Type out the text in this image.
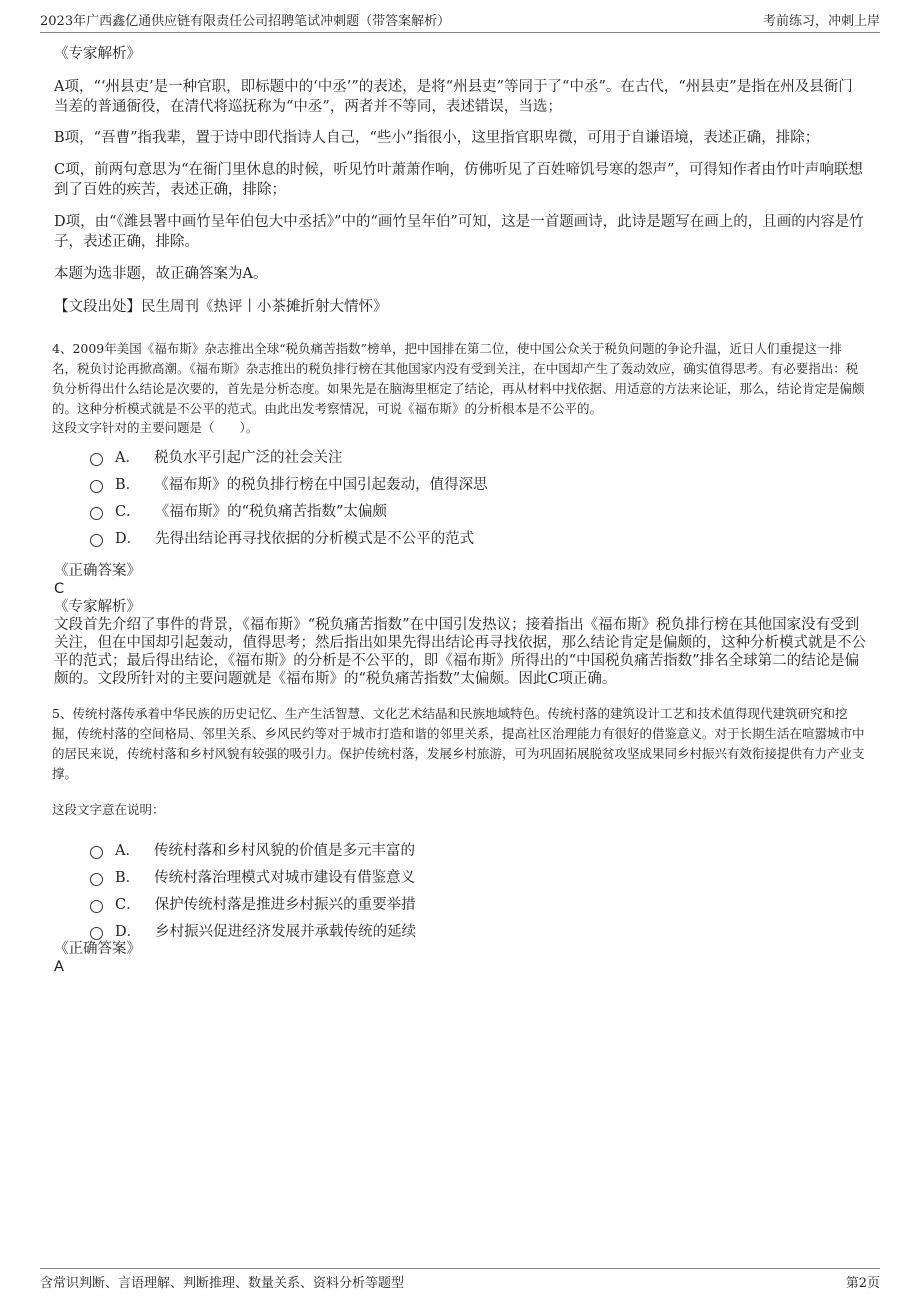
2023年广西鑫亿通供应链有限责任公司招聘笔试冲刺题（带答案解析）	考前练习，冲刺上岸

《专家解析》

A项，“‘州县吏’是一种官职，即标题中的‘中丞’”的表述，是将“州县吏”等同于了“中丞”。在古代，“州县吏”是指在州及县衙门当差的普通衙役，在清代将巡抚称为“中丞”，两者并不等同，表述错误，当选；

B项，“吾曹”指我辈，置于诗中即代指诗人自己，“些小”指很小，这里指官职卑微，可用于自谦语境，表述正确，排除；

C项，前两句意思为“在衙门里休息的时候，听见竹叶萧萧作响，仿佛听见了百姓啼饥号寒的怨声”，可得知作者由竹叶声响联想到了百姓的疾苦，表述正确，排除；

D项，由“《潍县署中画竹呈年伯包大中丞括》”中的“画竹呈年伯”可知，这是一首题画诗，此诗是题写在画上的，且画的内容是竹子，表述正确，排除。

本题为选非题，故正确答案为A。

【文段出处】民生周刊《热评丨小茶摊折射大情怀》

4、2009年美国《福布斯》杂志推出全球“税负痛苦指数”榜单，把中国排在第二位，使中国公众关于税负问题的争论升温，近日人们重提这一排名，税负讨论再掀高潮。《福布斯》杂志推出的税负排行榜在其他国家内没有受到关注，在中国却产生了轰动效应，确实值得思考。有必要指出：税负分析得出什么结论是次要的，首先是分析态度。如果先是在脑海里框定了结论，再从材料中找依据、用适意的方法来论证，那么，结论肯定是偏颇的。这种分析模式就是不公平的范式。由此出发考察情况，可说《福布斯》的分析根本是不公平的。

这段文字针对的主要问题是（　　）。

A． 税负水平引起广泛的社会关注
B． 《福布斯》的税负排行榜在中国引起轰动，值得深思
C． 《福布斯》的“税负痛苦指数”太偏颇
D． 先得出结论再寻找依据的分析模式是不公平的范式

《正确答案》

C

《专家解析》

文段首先介绍了事件的背景，《福布斯》“税负痛苦指数”在中国引发热议；接着指出《福布斯》税负排行榜在其他国家没有受到关注，但在中国却引起轰动，值得思考；然后指出如果先得出结论再寻找依据，那么结论肯定是偏颇的，这种分析模式就是不公平的范式；最后得出结论，《福布斯》的分析是不公平的，即《福布斯》所得出的“中国税负痛苦指数”排名全球第二的结论是偏颇的。文段所针对的主要问题就是《福布斯》的“税负痛苦指数”太偏颇。因此C项正确。

5、传统村落传承着中华民族的历史记忆、生产生活智慧、文化艺术结晶和民族地域特色。传统村落的建筑设计工艺和技术值得现代建筑研究和挖掘，传统村落的空间格局、邻里关系、乡风民约等对于城市打造和谐的邻里关系，提高社区治理能力有很好的借鉴意义。对于长期生活在喧嚣城市中的居民来说，传统村落和乡村风貌有较强的吸引力。保护传统村落，发展乡村旅游，可为巩固拓展脱贫攻坚成果同乡村振兴有效衔接提供有力产业支撑。

这段文字意在说明：

A． 传统村落和乡村风貌的价值是多元丰富的
B． 传统村落治理模式对城市建设有借鉴意义
C． 保护传统村落是推进乡村振兴的重要举措
D． 乡村振兴促进经济发展并承载传统的延续

《正确答案》

A

含常识判断、言语理解、判断推理、数量关系、资料分析等题型	第2页
